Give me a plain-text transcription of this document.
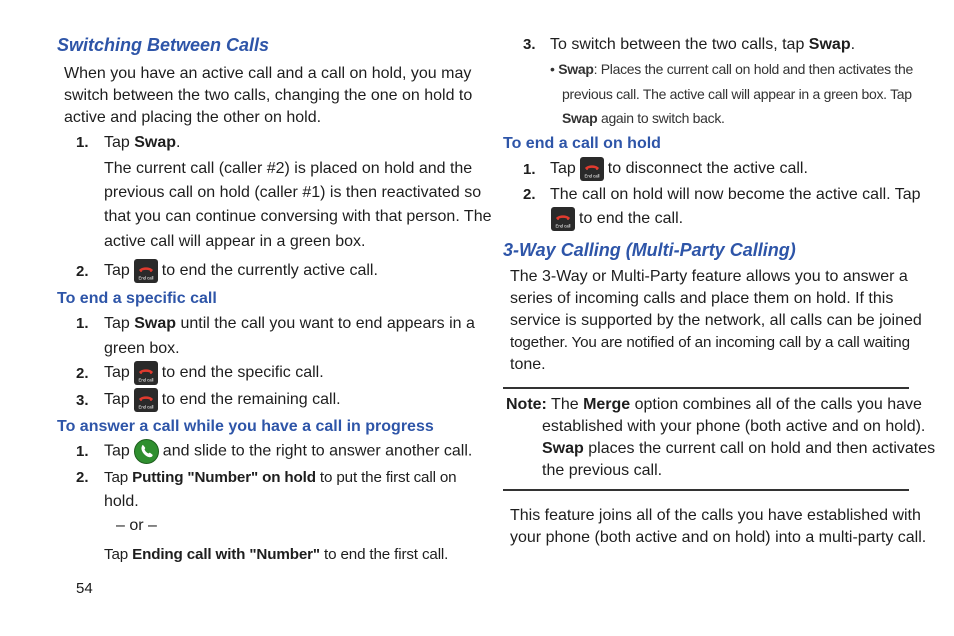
Switching Between Calls
When you have an active call and a call on hold, you may
switch between the two calls, changing the one on hold to
active and placing the other on hold.
1. Tap Swap.
The current call (caller #2) is placed on hold and the
previous call on hold (caller #1) is then reactivated so
that you can continue conversing with that person. The
active call will appear in a green box.
2. Tap End call to end the currently active call.
To end a specific call
1. Tap Swap until the call you want to end appears in a
green box.
2. Tap End call to end the specific call.
3. Tap End call to end the remaining call.
To answer a call while you have a call in progress
1. Tap and slide to the right to answer another call.
2. Tap Putting "Number" on hold to put the first call on
hold.
– or –
Tap Ending call with "Number" to end the first call.
54
3. To switch between the two calls, tap Swap.
• Swap: Places the current call on hold and then activates the
previous call. The active call will appear in a green box. Tap
Swap again to switch back.
To end a call on hold
1. Tap End call to disconnect the active call.
2. The call on hold will now become the active call. Tap
End call to end the call.
3-Way Calling (Multi-Party Calling)
The 3-Way or Multi-Party feature allows you to answer a
series of incoming calls and place them on hold. If this
service is supported by the network, all calls can be joined
together. You are notified of an incoming call by a call waiting
tone.
Note: The Merge option combines all of the calls you have
established with your phone (both active and on hold).
Swap places the current call on hold and then activates
the previous call.
This feature joins all of the calls you have established with
your phone (both active and on hold) into a multi-party call.
